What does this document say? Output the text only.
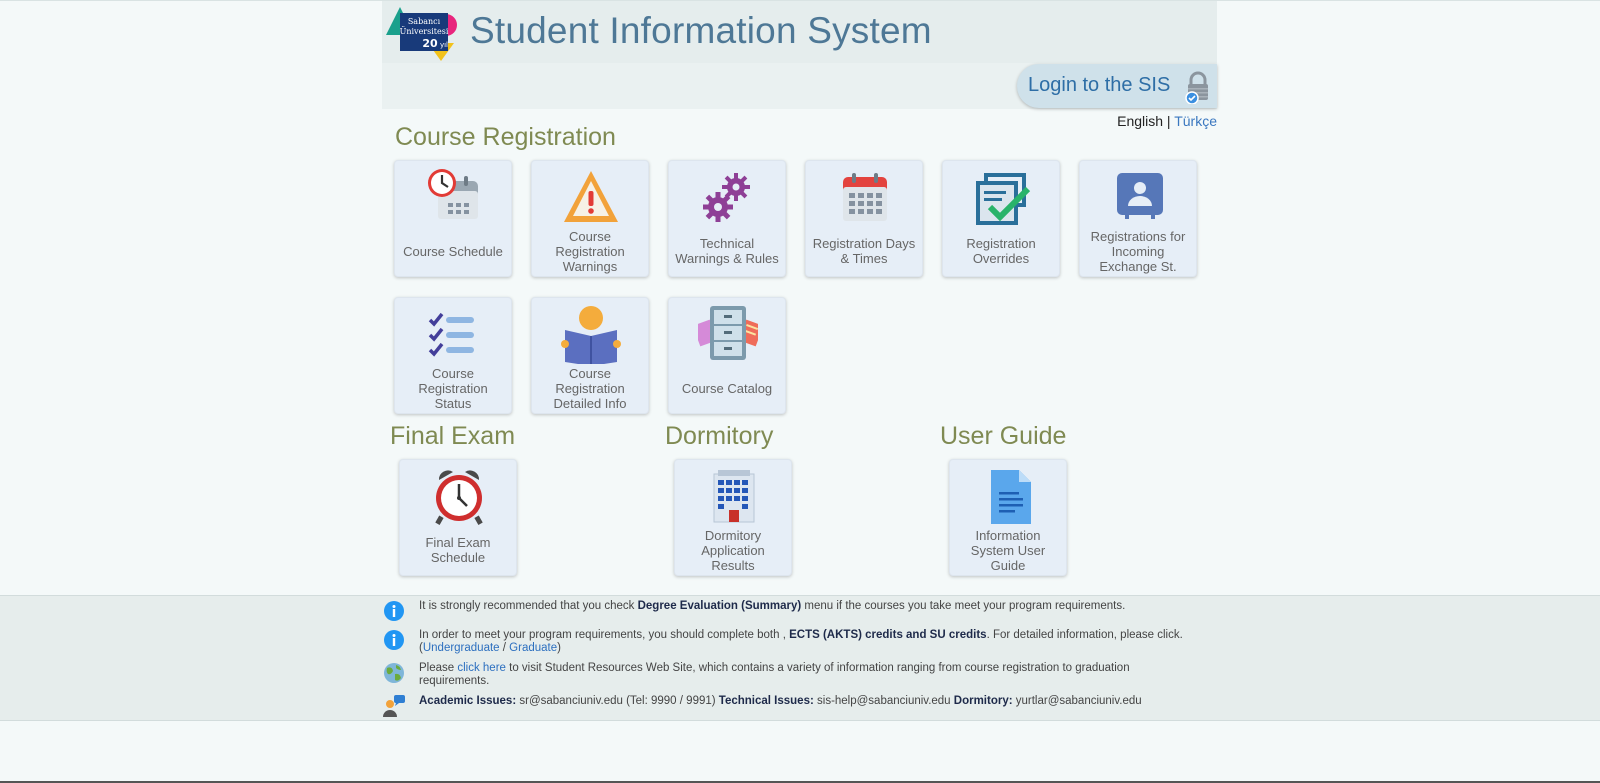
Sabancı
Üniversitesi
20 yıl Student Information System
Login to the SIS
English | Türkçe
Course Registration
Course Schedule
Course Registration Warnings
Technical Warnings & Rules
Registration Days & Times
Registration Overrides
Registrations for Incoming Exchange St.
Course Registration Status
Course Registration Detailed Info
Course Catalog
Final Exam
Final Exam Schedule
Dormitory
Dormitory Application Results
User Guide
Information System User Guide
It is strongly recommended that you check Degree Evaluation (Summary) menu if the courses you take meet your program requirements.
In order to meet your program requirements, you should complete both , ECTS (AKTS) credits and SU credits. For detailed information, please click. (Undergraduate / Graduate)
Please click here to visit Student Resources Web Site, which contains a variety of information ranging from course registration to graduation requirements.
Academic Issues: sr@sabanciuniv.edu (Tel: 9990 / 9991) Technical Issues: sis-help@sabanciuniv.edu Dormitory: yurtlar@sabanciuniv.edu
